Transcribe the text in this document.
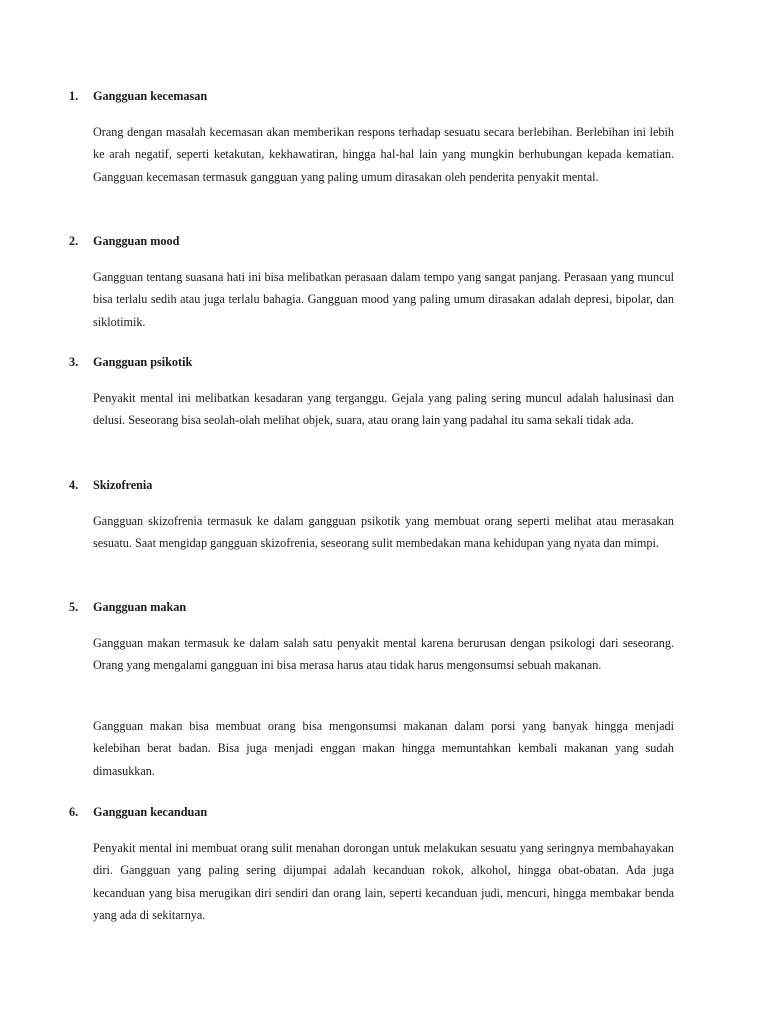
1. Gangguan kecemasan

Orang dengan masalah kecemasan akan memberikan respons terhadap sesuatu secara berlebihan. Berlebihan ini lebih ke arah negatif, seperti ketakutan, kekhawatiran, hingga hal-hal lain yang mungkin berhubungan kepada kematian. Gangguan kecemasan termasuk gangguan yang paling umum dirasakan oleh penderita penyakit mental.

2. Gangguan mood

Gangguan tentang suasana hati ini bisa melibatkan perasaan dalam tempo yang sangat panjang. Perasaan yang muncul bisa terlalu sedih atau juga terlalu bahagia. Gangguan mood yang paling umum dirasakan adalah depresi, bipolar, dan siklotimik.

3. Gangguan psikotik

Penyakit mental ini melibatkan kesadaran yang terganggu. Gejala yang paling sering muncul adalah halusinasi dan delusi. Seseorang bisa seolah-olah melihat objek, suara, atau orang lain yang padahal itu sama sekali tidak ada.

4. Skizofrenia

Gangguan skizofrenia termasuk ke dalam gangguan psikotik yang membuat orang seperti melihat atau merasakan sesuatu. Saat mengidap gangguan skizofrenia, seseorang sulit membedakan mana kehidupan yang nyata dan mimpi.

5. Gangguan makan

Gangguan makan termasuk ke dalam salah satu penyakit mental karena berurusan dengan psikologi dari seseorang. Orang yang mengalami gangguan ini bisa merasa harus atau tidak harus mengonsumsi sebuah makanan.

Gangguan makan bisa membuat orang bisa mengonsumsi makanan dalam porsi yang banyak hingga menjadi kelebihan berat badan. Bisa juga menjadi enggan makan hingga memuntahkan kembali makanan yang sudah dimasukkan.

6. Gangguan kecanduan

Penyakit mental ini membuat orang sulit menahan dorongan untuk melakukan sesuatu yang seringnya membahayakan diri. Gangguan yang paling sering dijumpai adalah kecanduan rokok, alkohol, hingga obat-obatan. Ada juga kecanduan yang bisa merugikan diri sendiri dan orang lain, seperti kecanduan judi, mencuri, hingga membakar benda yang ada di sekitarnya.
